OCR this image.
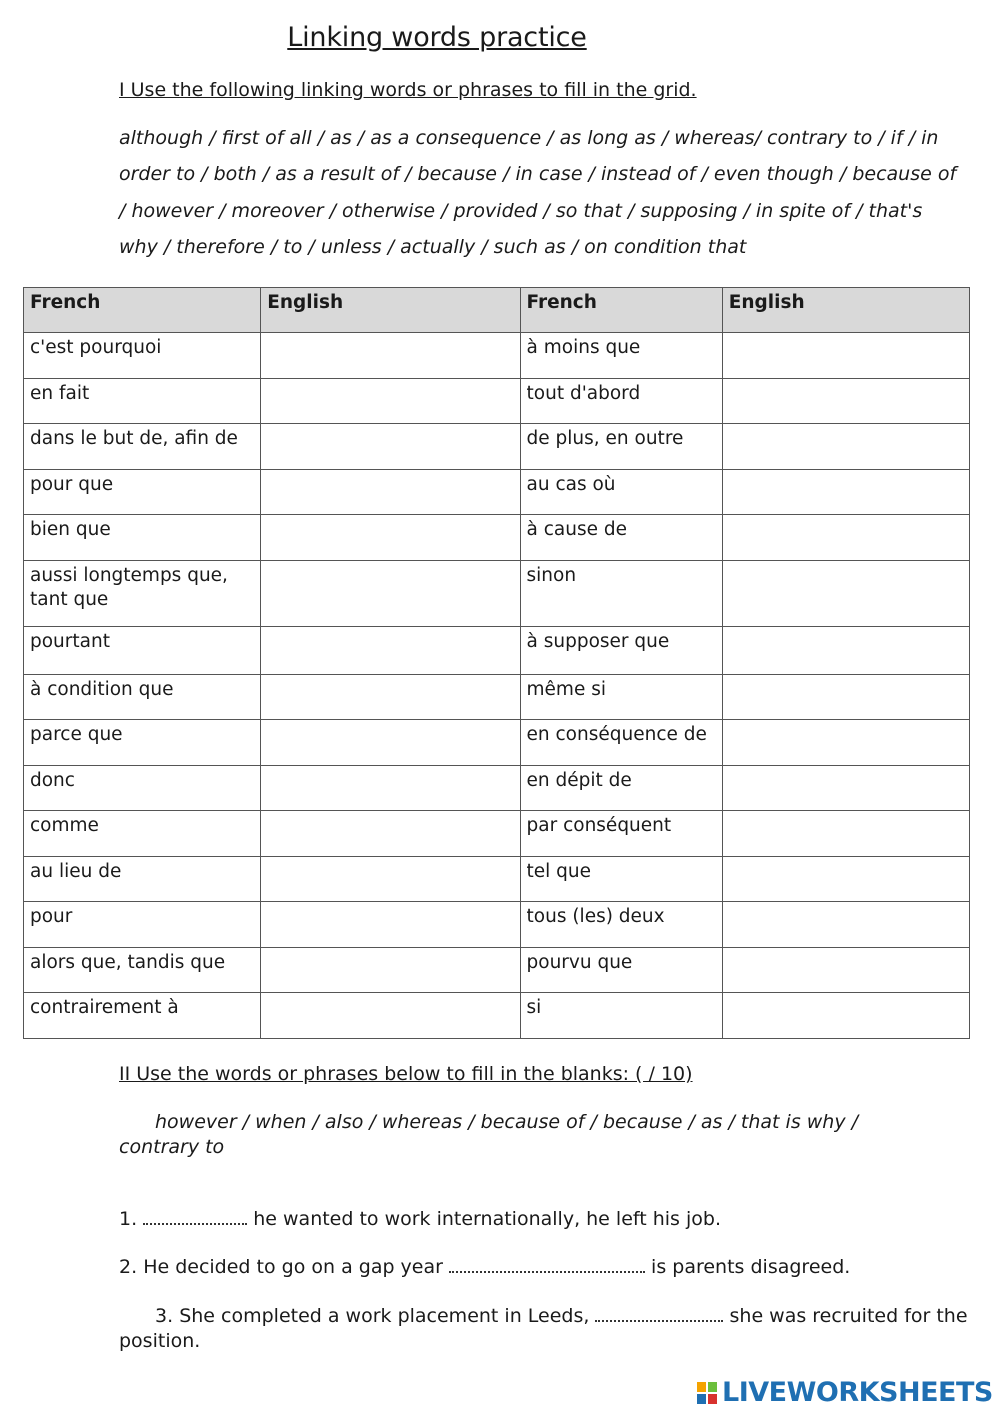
Linking words practice
I Use the following linking words or phrases to fill in the grid.
although / first of all / as / as a consequence / as long as / whereas/ contrary to / if / in order to / both / as a result of / because / in case / instead of / even though / because of / however / moreover / otherwise / provided / so that / supposing / in spite of / that's why / therefore / to / unless / actually / such as / on condition that
French	English	French	English
c'est pourquoi		à moins que	
en fait		tout d'abord	
dans le but de, afin de		de plus, en outre	
pour que		au cas où	
bien que		à cause de	
aussi longtemps que, tant que		sinon	
pourtant		à supposer que	
à condition que		même si	
parce que		en conséquence de	
donc		en dépit de	
comme		par conséquent	
au lieu de		tel que	
pour		tous (les) deux	
alors que, tandis que		pourvu que	
contrairement à		si	
however / when / also / whereas / because of / because / as / that is why / contrary to
II Use the words or phrases below to fill in the blanks: ( / 10)
1.	he wanted to work internationally, he left his job.
2. He decided to go on a gap year	is parents disagreed.
3. She completed a work placement in Leeds,	she was recruited for the position.
LIVEWORKSHEETS
